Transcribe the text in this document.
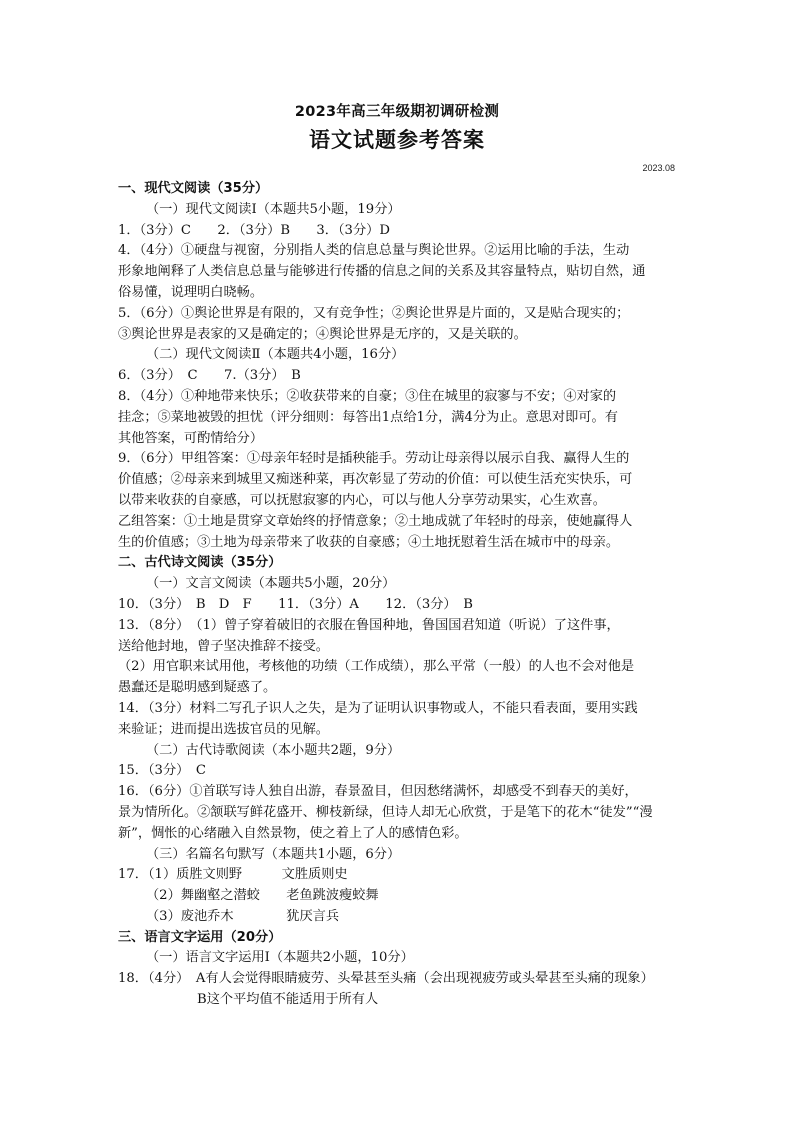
2023年高三年级期初调研检测
语文试题参考答案
2023.08
一、现代文阅读（35分）
（一）现代文阅读Ⅰ（本题共5小题，19分）
1．（3分）C　　2．（3分）B　　3．（3分）D
4．（4分）①硬盘与视窗，分别指人类的信息总量与舆论世界。②运用比喻的手法，生动
形象地阐释了人类信息总量与能够进行传播的信息之间的关系及其容量特点，贴切自然，通
俗易懂，说理明白晓畅。
5．（6分）①舆论世界是有限的，又有竞争性；②舆论世界是片面的，又是贴合现实的；
③舆论世界是表家的又是确定的；④舆论世界是无序的，又是关联的。
（二）现代文阅读Ⅱ（本题共4小题，16分）
6．（3分）　C　　7.（3分）　B
8．（4分）①种地带来快乐；②收获带来的自豪；③住在城里的寂寥与不安；④对家的
挂念；⑤菜地被毁的担忧（评分细则：每答出1点给1分，满4分为止。意思对即可。有
其他答案，可酌情给分）
9．（6分）甲组答案：①母亲年轻时是插秧能手。劳动让母亲得以展示自我、赢得人生的
价值感；②母亲来到城里又痴迷种菜，再次彰显了劳动的价值：可以使生活充实快乐，可
以带来收获的自豪感，可以抚慰寂寥的内心，可以与他人分享劳动果实，心生欢喜。
乙组答案：①土地是贯穿文章始终的抒情意象；②土地成就了年轻时的母亲，使她赢得人
生的价值感；③土地为母亲带来了收获的自豪感；④土地抚慰着生活在城市中的母亲。
二、古代诗文阅读（35分）
（一）文言文阅读（本题共5小题，20分）
10．（3分）　B　D　F　　11．（3分）A　　12．（3分）　B
13．（8分）　（1）曾子穿着破旧的衣服在鲁国种地，鲁国国君知道（听说）了这件事，
送给他封地，曾子坚决推辞不接受。
（2）用官职来试用他，考核他的功绩（工作成绩），那么平常（一般）的人也不会对他是
愚蠢还是聪明感到疑惑了。
14．（3分）材料二写孔子识人之失，是为了证明认识事物或人，不能只看表面，要用实践
来验证；进而提出选拔官员的见解。
（二）古代诗歌阅读（本小题共2题，9分）
15．（3分）　C
16．（6分）①首联写诗人独自出游，春景盈目，但因愁绪满怀，却感受不到春天的美好，
景为情所化。②颔联写鲜花盛开、柳枝新绿，但诗人却无心欣赏，于是笔下的花木“徒发”“漫
新”，惆怅的心绪融入自然景物，使之着上了人的感情色彩。
（三）名篇名句默写（本题共1小题，6分）
17．（1）质胜文则野　　　文胜质则史
（2）舞幽壑之潜蛟　　老鱼跳波瘦蛟舞
（3）废池乔木　　　　犹厌言兵
三、语言文字运用（20分）
（一）语言文字运用Ⅰ（本题共2小题，10分）
18．（4分）　A有人会觉得眼睛疲劳、头晕甚至头痛（会出现视疲劳或头晕甚至头痛的现象）
B这个平均值不能适用于所有人
